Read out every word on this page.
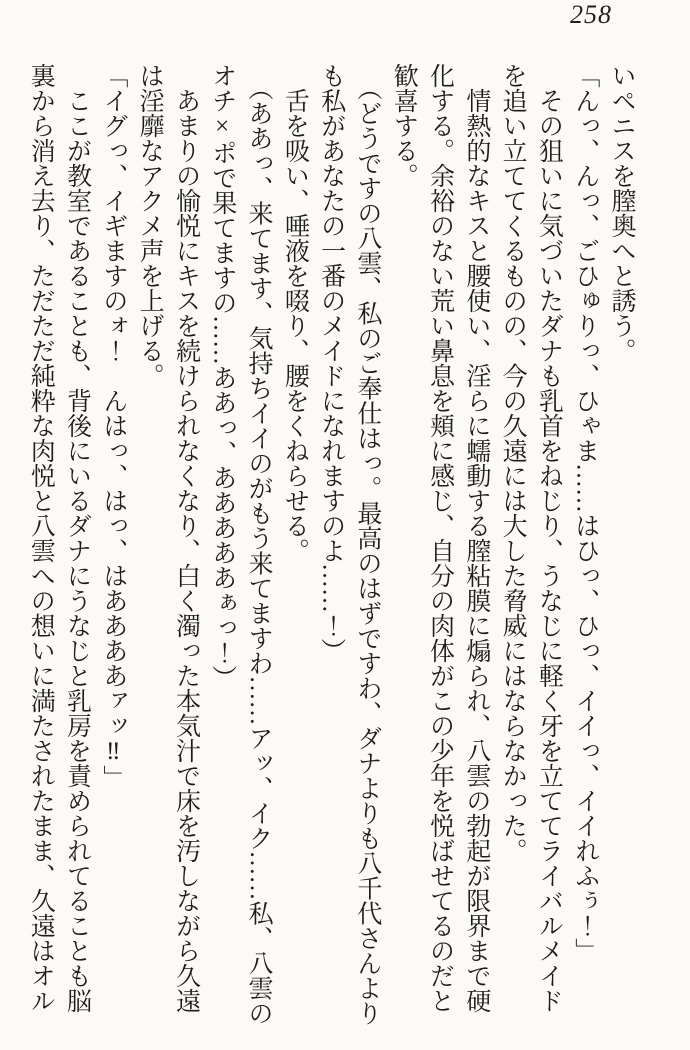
258
いペニスを膣奥へと誘う。
「んっ、んっ、ごひゅりっ、ひゃま……はひっ、ひっ、イイっ、イイれふぅ！」
　その狙いに気づいたダナも乳首をねじり、うなじに軽く牙を立ててライバルメイド
を追い立ててくるものの、今の久遠には大した脅威にはならなかった。
　情熱的なキスと腰使い、淫らに蠕動する膣粘膜に煽られ、八雲の勃起が限界まで硬
化する。余裕のない荒い鼻息を頬に感じ、自分の肉体がこの少年を悦ばせてるのだと
歓喜する。
　（どうですの八雲、私のご奉仕はっ。最高のはずですわ、ダナよりも八千代さんより
も私があなたの一番のメイドになれますのよ……！）
　舌を吸い、唾液を啜り、腰をくねらせる。
　（ああっ、来てます、気持ちイイのがもう来てますわ……アッ、イク……私、八雲の
オチ×ポで果てますの……ああっ、あああああぁっ！）
　あまりの愉悦にキスを続けられなくなり、白く濁った本気汁で床を汚しながら久遠
は淫靡なアクメ声を上げる。
「イグっ、イギますのォ！　んはっ、はっ、はああああァッ‼」
　ここが教室であることも、背後にいるダナにうなじと乳房を責められてることも脳
裏から消え去り、ただただ純粋な肉悦と八雲への想いに満たされたまま、久遠はオル
